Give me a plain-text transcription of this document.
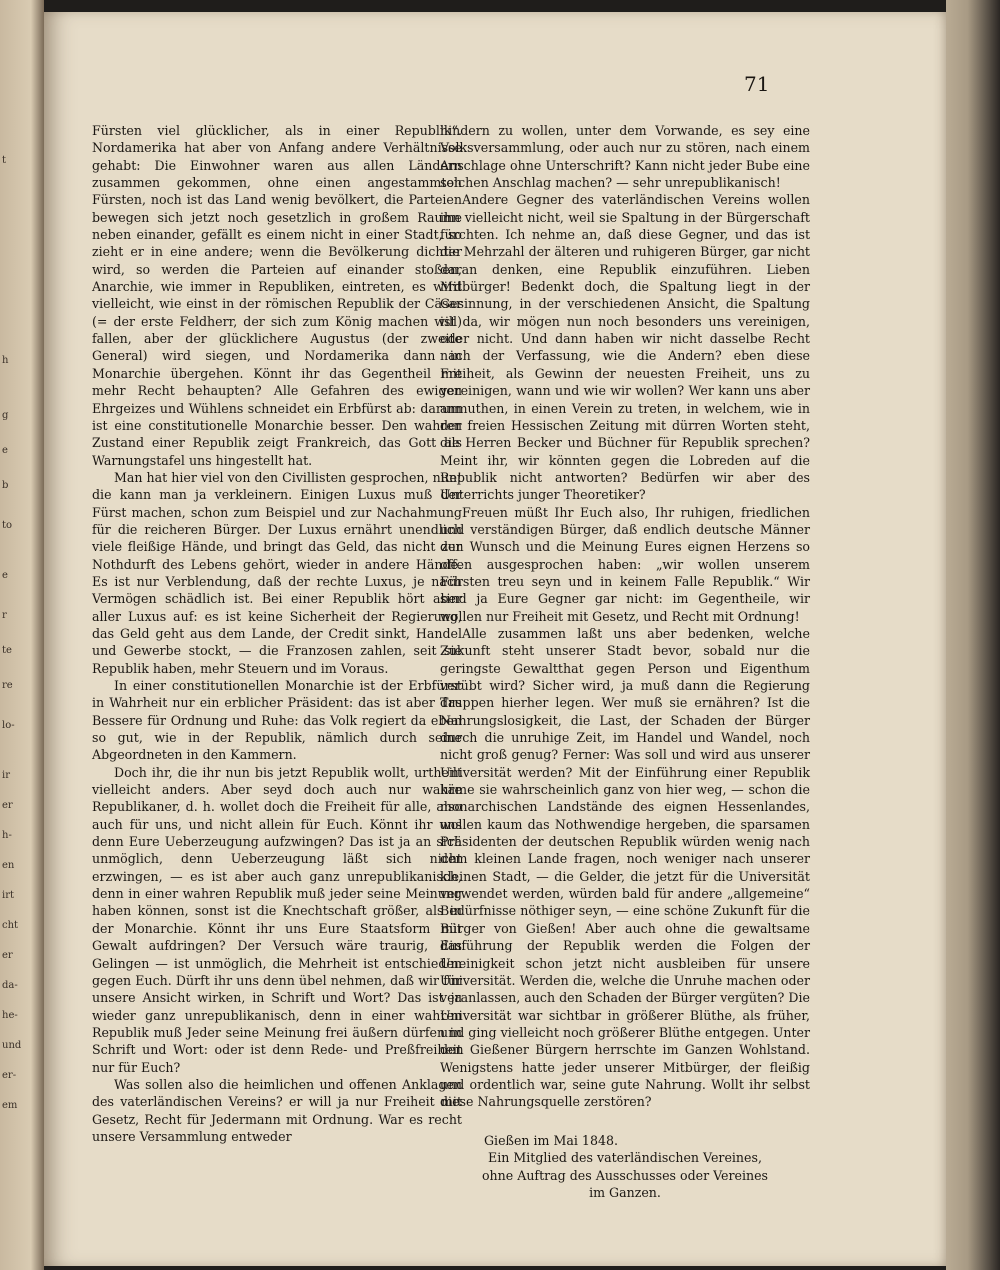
t
h
g
e
b
to
e
r
te
re
lo-
ir
er
h-
en
irt
cht
er
da-
he-
und
er-
em
71

Fürsten viel glücklicher, als in einer Republik“. Nordamerika hat aber von Anfang andere Verhältnisse gehabt: Die Einwohner waren aus allen Ländern zusammen gekommen, ohne einen angestammten Fürsten, noch ist das Land wenig bevölkert, die Parteien bewegen sich jetzt noch gesetzlich in großem Raume neben einander, gefällt es einem nicht in einer Stadt, so zieht er in eine andere; wenn die Bevölkerung dichter wird, so werden die Parteien auf einander stoßen, Anarchie, wie immer in Republiken, eintreten, es wird vielleicht, wie einst in der römischen Republik der Cäsar (= der erste Feldherr, der sich zum König machen will) fallen, aber der glücklichere Augustus (der zweite General) wird siegen, und Nordamerika dann in Monarchie übergehen. Könnt ihr das Gegentheil mit mehr Recht behaupten? Alle Gefahren des ewigen Ehrgeizes und Wühlens schneidet ein Erbfürst ab: darum ist eine constitutionelle Monarchie besser. Den wahren Zustand einer Republik zeigt Frankreich, das Gott als Warnungstafel uns hingestellt hat.

Man hat hier viel von den Civillisten gesprochen, nun! die kann man ja verkleinern. Einigen Luxus muß der Fürst machen, schon zum Beispiel und zur Nachahmung für die reicheren Bürger. Der Luxus ernährt unendlich viele fleißige Hände, und bringt das Geld, das nicht zur Nothdurft des Lebens gehört, wieder in andere Hände. Es ist nur Verblendung, daß der rechte Luxus, je nach Vermögen schädlich ist. Bei einer Republik hört aber aller Luxus auf: es ist keine Sicherheit der Regierung, das Geld geht aus dem Lande, der Credit sinkt, Handel und Gewerbe stockt, — die Franzosen zahlen, seit sie Republik haben, mehr Steuern und im Voraus.

In einer constitutionellen Monarchie ist der Erbfürst in Wahrheit nur ein erblicher Präsident: das ist aber das Bessere für Ordnung und Ruhe: das Volk regiert da eben so gut, wie in der Republik, nämlich durch seine Abgeordneten in den Kammern.

Doch ihr, die ihr nun bis jetzt Republik wollt, urtheilt vielleicht anders. Aber seyd doch auch nur wahre Republikaner, d. h. wollet doch die Freiheit für alle, also auch für uns, und nicht allein für Euch. Könnt ihr uns denn Eure Ueberzeugung aufzwingen? Das ist ja an sich unmöglich, denn Ueberzeugung läßt sich nicht erzwingen, — es ist aber auch ganz unrepublikanisch, denn in einer wahren Republik muß jeder seine Meinung haben können, sonst ist die Knechtschaft größer, als in der Monarchie. Könnt ihr uns Eure Staatsform mit Gewalt aufdringen? Der Versuch wäre traurig, das Gelingen — ist unmöglich, die Mehrheit ist entschieden gegen Euch. Dürft ihr uns denn übel nehmen, daß wir für unsere Ansicht wirken, in Schrift und Wort? Das ist ja wieder ganz unrepublikanisch, denn in einer wahren Republik muß Jeder seine Meinung frei äußern dürfen in Schrift und Wort: oder ist denn Rede- und Preßfreiheit nur für Euch?

Was sollen also die heimlichen und offenen Anklagen des vaterländischen Vereins? er will ja nur Freiheit mit Gesetz, Recht für Jedermann mit Ordnung. War es recht unsere Versammlung entweder

hindern zu wollen, unter dem Vorwande, es sey eine Volksversammlung, oder auch nur zu stören, nach einem Anschlage ohne Unterschrift? Kann nicht jeder Bube eine solchen Anschlag machen? — sehr unrepublikanisch!

Andere Gegner des vaterländischen Vereins wollen ihn vielleicht nicht, weil sie Spaltung in der Bürgerschaft fürchten. Ich nehme an, daß diese Gegner, und das ist die Mehrzahl der älteren und ruhigeren Bürger, gar nicht daran denken, eine Republik einzuführen. Lieben Mitbürger! Bedenkt doch, die Spaltung liegt in der Gesinnung, in der verschiedenen Ansicht, die Spaltung ist da, wir mögen nun noch besonders uns vereinigen, oder nicht. Und dann haben wir nicht dasselbe Recht nach der Verfassung, wie die Andern? eben diese Freiheit, als Gewinn der neuesten Freiheit, uns zu vereinigen, wann und wie wir wollen? Wer kann uns aber anmuthen, in einen Verein zu treten, in welchem, wie in der freien Hessischen Zeitung mit dürren Worten steht, die Herren Becker und Büchner für Republik sprechen? Meint ihr, wir könnten gegen die Lobreden auf die Republik nicht antworten? Bedürfen wir aber des Unterrichts junger Theoretiker?

Freuen müßt Ihr Euch also, Ihr ruhigen, friedlichen und verständigen Bürger, daß endlich deutsche Männer den Wunsch und die Meinung Eures eignen Herzens so offen ausgesprochen haben: „wir wollen unserem Fürsten treu seyn und in keinem Falle Republik.“ Wir sind ja Eure Gegner gar nicht: im Gegentheile, wir wollen nur Freiheit mit Gesetz, und Recht mit Ordnung!

Alle zusammen laßt uns aber bedenken, welche Zukunft steht unserer Stadt bevor, sobald nur die geringste Gewaltthat gegen Person und Eigenthum verübt wird? Sicher wird, ja muß dann die Regierung Truppen hierher legen. Wer muß sie ernähren? Ist die Nahrungslosigkeit, die Last, der Schaden der Bürger durch die unruhige Zeit, im Handel und Wandel, noch nicht groß genug? Ferner: Was soll und wird aus unserer Universität werden? Mit der Einführung einer Republik käme sie wahrscheinlich ganz von hier weg, — schon die monarchischen Landstände des eignen Hessenlandes, wollen kaum das Nothwendige hergeben, die sparsamen Präsidenten der deutschen Republik würden wenig nach dem kleinen Lande fragen, noch weniger nach unserer kleinen Stadt, — die Gelder, die jetzt für die Universität verwendet werden, würden bald für andere „allgemeine“ Bedürfnisse nöthiger seyn, — eine schöne Zukunft für die Bürger von Gießen! Aber auch ohne die gewaltsame Einführung der Republik werden die Folgen der Uneinigkeit schon jetzt nicht ausbleiben für unsere Universität. Werden die, welche die Unruhe machen oder veranlassen, auch den Schaden der Bürger vergüten? Die Universität war sichtbar in größerer Blüthe, als früher, und ging vielleicht noch größerer Blüthe entgegen. Unter den Gießener Bürgern herrschte im Ganzen Wohlstand. Wenigstens hatte jeder unserer Mitbürger, der fleißig und ordentlich war, seine gute Nahrung. Wollt ihr selbst diese Nahrungsquelle zerstören?

Gießen im Mai 1848.
Ein Mitglied des vaterländischen Vereines,
ohne Auftrag des Ausschusses oder Vereines im Ganzen.
